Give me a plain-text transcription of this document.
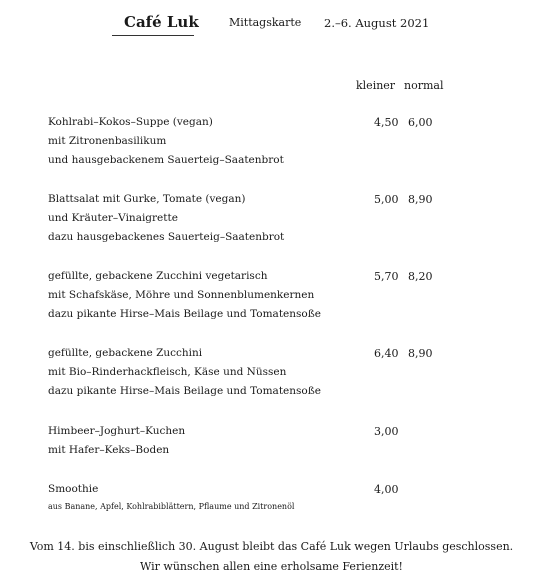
Café Luk	Mittagskarte 2.–6. August 2021
kleiner normal
Kohlrabi–Kokos–Suppe (vegan)
mit Zitronenbasilikum
und hausgebackenem Sauerteig–Saatenbrot
4,50 6,00
Blattsalat mit Gurke, Tomate (vegan)
und Kräuter–Vinaigrette
dazu hausgebackenes Sauerteig–Saatenbrot
5,00 8,90
gefüllte, gebackene Zucchini vegetarisch
mit Schafskäse, Möhre und Sonnenblumenkernen
dazu pikante Hirse–Mais Beilage und Tomatensoße
5,70 8,20
gefüllte, gebackene Zucchini
mit Bio–Rinderhackfleisch, Käse und Nüssen
dazu pikante Hirse–Mais Beilage und Tomatensoße
6,40 8,90
Himbeer–Joghurt–Kuchen
mit Hafer–Keks–Boden
3,00
Smoothie
aus Banane, Apfel, Kohlrabiblättern, Pflaume und Zitronenöl
4,00
Vom 14. bis einschließlich 30. August bleibt das Café Luk wegen Urlaubs geschlossen.
Wir wünschen allen eine erholsame Ferienzeit!
